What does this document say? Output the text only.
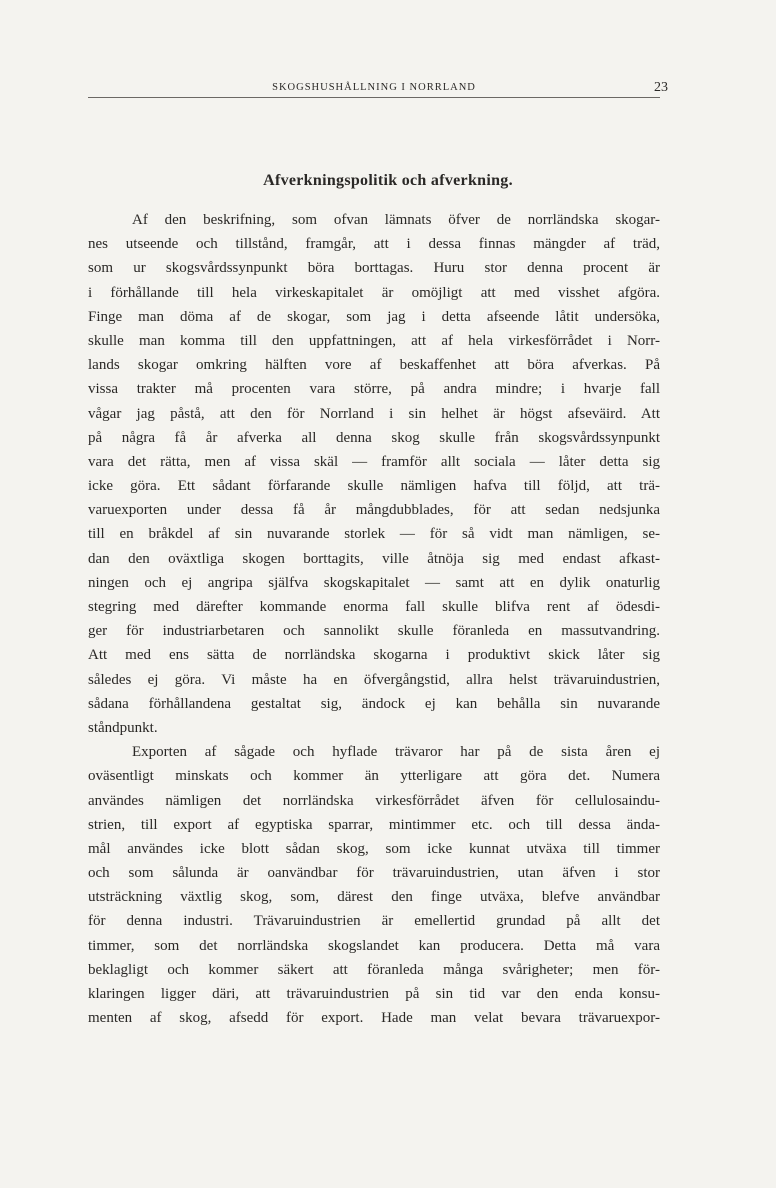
SKOGSHUSHÅLLNING I NORRLAND	23
Afverkningspolitik och afverkning.
Af den beskrifning, som ofvan lämnats öfver de norrländska skogar-
nes utseende och tillstånd, framgår, att i dessa finnas mängder af träd,
som ur skogsvårdssynpunkt böra borttagas. Huru stor denna procent är
i förhållande till hela virkeskapitalet är omöjligt att med visshet afgöra.
Finge man döma af de skogar, som jag i detta afseende låtit undersöka,
skulle man komma till den uppfattningen, att af hela virkesförrådet i Norr-
lands skogar omkring hälften vore af beskaffenhet att böra afverkas. På
vissa trakter må procenten vara större, på andra mindre; i hvarje fall
vågar jag påstå, att den för Norrland i sin helhet är högst afseväird. Att
på några få år afverka all denna skog skulle från skogsvårdssynpunkt
vara det rätta, men af vissa skäl — framför allt sociala — låter detta sig
icke göra. Ett sådant förfarande skulle nämligen hafva till följd, att trä-
varuexporten under dessa få år mångdubblades, för att sedan nedsjunka
till en bråkdel af sin nuvarande storlek — för så vidt man nämligen, se-
dan den oväxtliga skogen borttagits, ville åtnöja sig med endast afkast-
ningen och ej angripa själfva skogskapitalet — samt att en dylik onaturlig
stegring med därefter kommande enorma fall skulle blifva rent af ödesdi-
ger för industriarbetaren och sannolikt skulle föranleda en massutvandring.
Att med ens sätta de norrländska skogarna i produktivt skick låter sig
således ej göra. Vi måste ha en öfvergångstid, allra helst trävaruindustrien,
sådana förhållandena gestaltat sig, ändock ej kan behålla sin nuvarande
ståndpunkt.
Exporten af sågade och hyflade trävaror har på de sista åren ej
oväsentligt minskats och kommer än ytterligare att göra det. Numera
användes nämligen det norrländska virkesförrådet äfven för cellulosaindu-
strien, till export af egyptiska sparrar, mintimmer etc. och till dessa ända-
mål användes icke blott sådan skog, som icke kunnat utväxa till timmer
och som sålunda är oanvändbar för trävaruindustrien, utan äfven i stor
utsträckning växtlig skog, som, därest den finge utväxa, blefve användbar
för denna industri. Trävaruindustrien är emellertid grundad på allt det
timmer, som det norrländska skogslandet kan producera. Detta må vara
beklagligt och kommer säkert att föranleda många svårigheter; men för-
klaringen ligger däri, att trävaruindustrien på sin tid var den enda konsu-
menten af skog, afsedd för export. Hade man velat bevara trävaruexpor-
